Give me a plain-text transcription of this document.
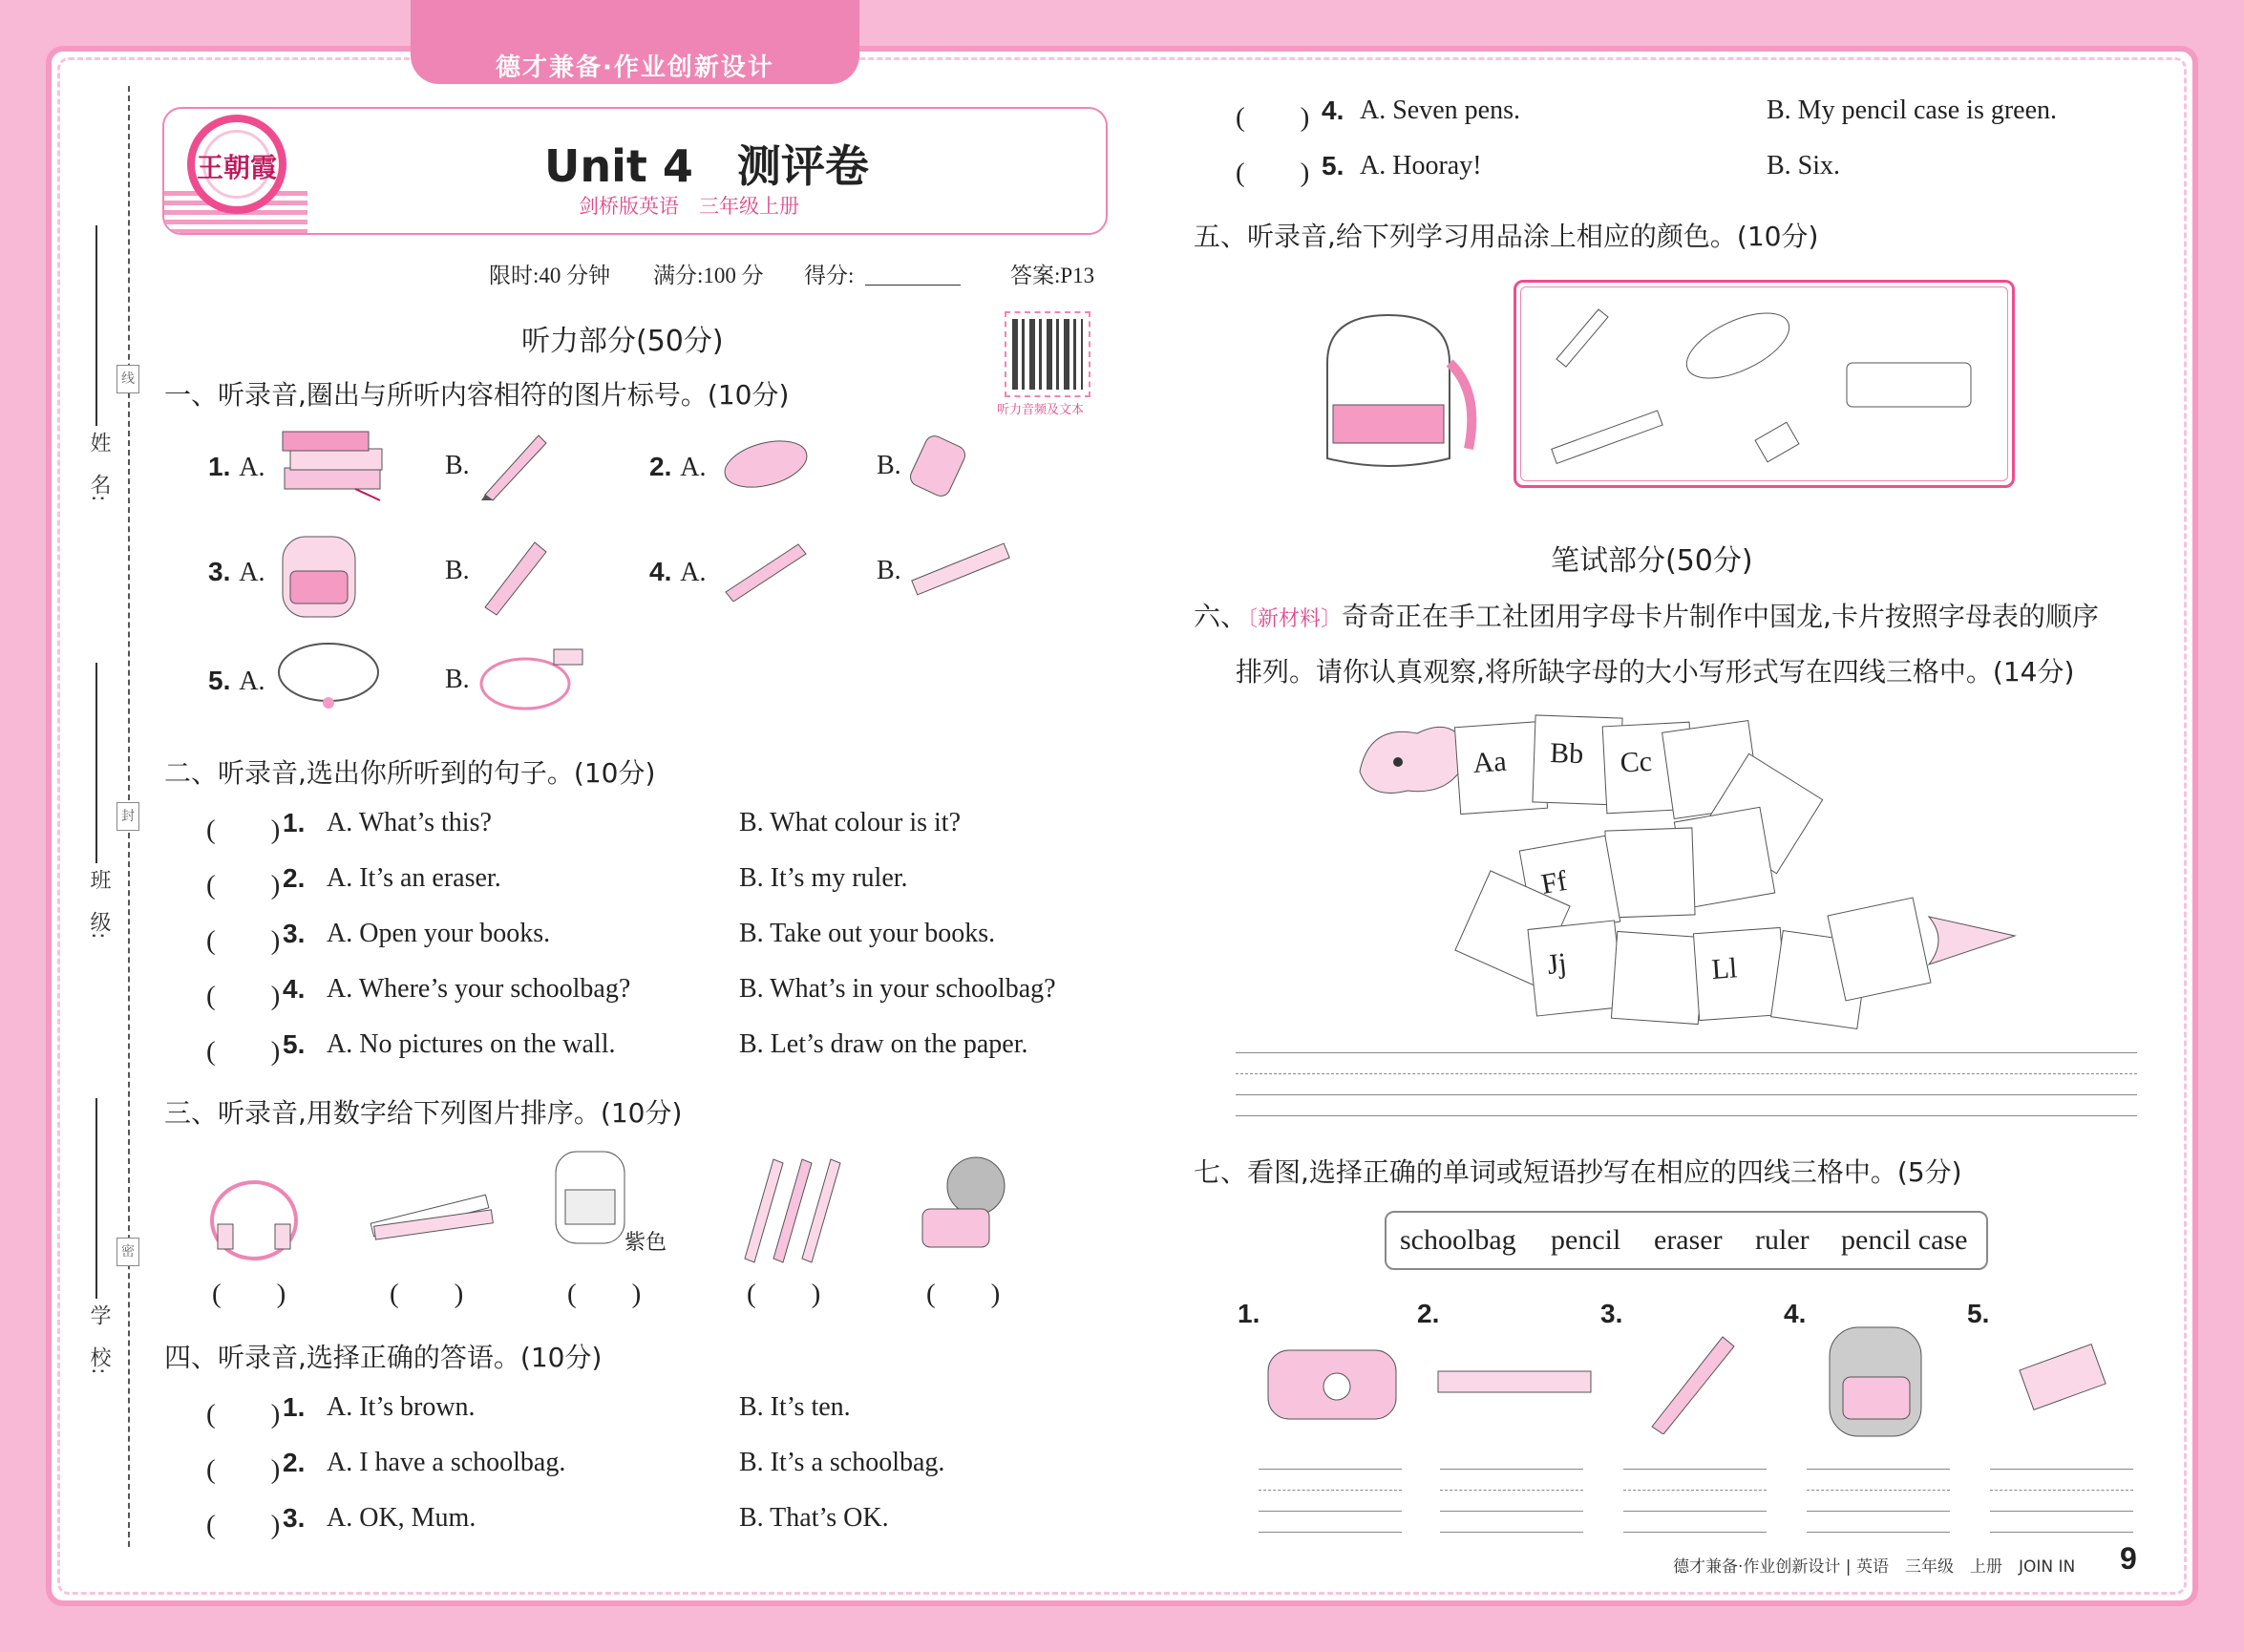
德才兼备·作业创新设计
线
封
密
姓　名:
班　级:
学　校:
王朝霞	Unit 4　测评卷
剑桥版英语　三年级上册
限时:40 分钟 满分:100 分 得分:	答案:P13
听力部分(50分)
听力音频及文本
一、听录音,圈出与所听内容相符的图片标号。(10分)
1. A.	B.	2. A.	B.
3. A.	B.	4. A.	B.
5. A.	B.
二、听录音,选出你所听到的句子。(10分)
(　　) 1. A. What’s this?	B. What colour is it?
(　　) 2. A. It’s an eraser.	B. It’s my ruler.
(　　) 3. A. Open your books.	B. Take out your books.
(　　) 4. A. Where’s your schoolbag?	B. What’s in your schoolbag?
(　　) 5. A. No pictures on the wall.	B. Let’s draw on the paper.
三、听录音,用数字给下列图片排序。(10分)
紫色
(　　)	(　　)	(　　)	(　　)	(　　)
四、听录音,选择正确的答语。(10分)
(　　) 1. A. It’s brown.	B. It’s ten.
(　　) 2. A. I have a schoolbag.	B. It’s a schoolbag.
(　　) 3. A. OK, Mum.	B. That’s OK.
(　　) 4. A. Seven pens.	B. My pencil case is green.
(　　) 5. A. Hooray!	B. Six.
五、听录音,给下列学习用品涂上相应的颜色。(10分)
笔试部分(50分)
六、〔新材料〕奇奇正在手工社团用字母卡片制作中国龙,卡片按照字母表的顺序
排列。请你认真观察,将所缺字母的大小写形式写在四线三格中。(14分)
Aa Bb Cc
Ff
Jj	Ll
七、看图,选择正确的单词或短语抄写在相应的四线三格中。(5分)
schoolbag pencil eraser ruler pencil case
1.	2.	3.	4.	5.
德才兼备·作业创新设计 | 英语　三年级　上册　JOIN IN 9
